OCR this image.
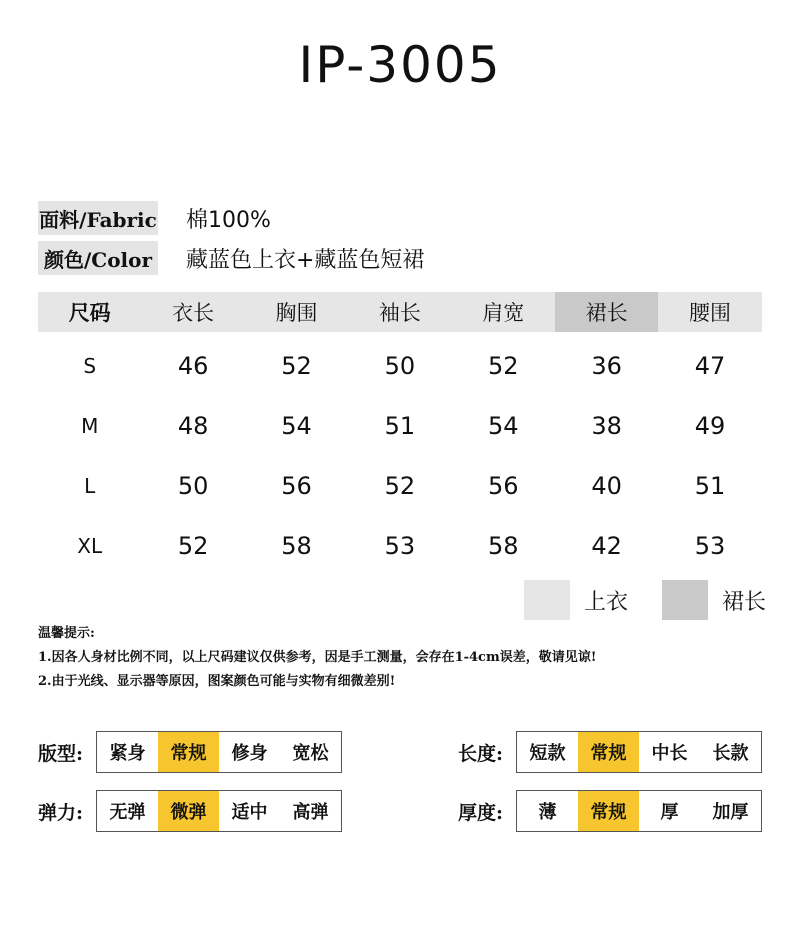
IP-3005
面料/Fabric 棉100%
颜色/Color 藏蓝色上衣+藏蓝色短裙
尺码	衣长	胸围	袖长	肩宽	裙长	腰围
S	46	52	50	52	36	47
M	48	54	51	54	38	49
L	50	56	52	56	40	51
XL	52	58	53	58	42	53
上衣	裙长
温馨提示:
1.因各人身材比例不同，以上尺码建议仅供参考，因是手工测量，会存在1-4cm误差，敬请见谅!
2.由于光线、显示器等原因，图案颜色可能与实物有细微差别!
版型:	紧身	常规	修身	宽松	长度:	短款	常规	中长	长款
弹力:	无弹	微弹	适中	高弹	厚度:	薄	常规	厚	加厚
